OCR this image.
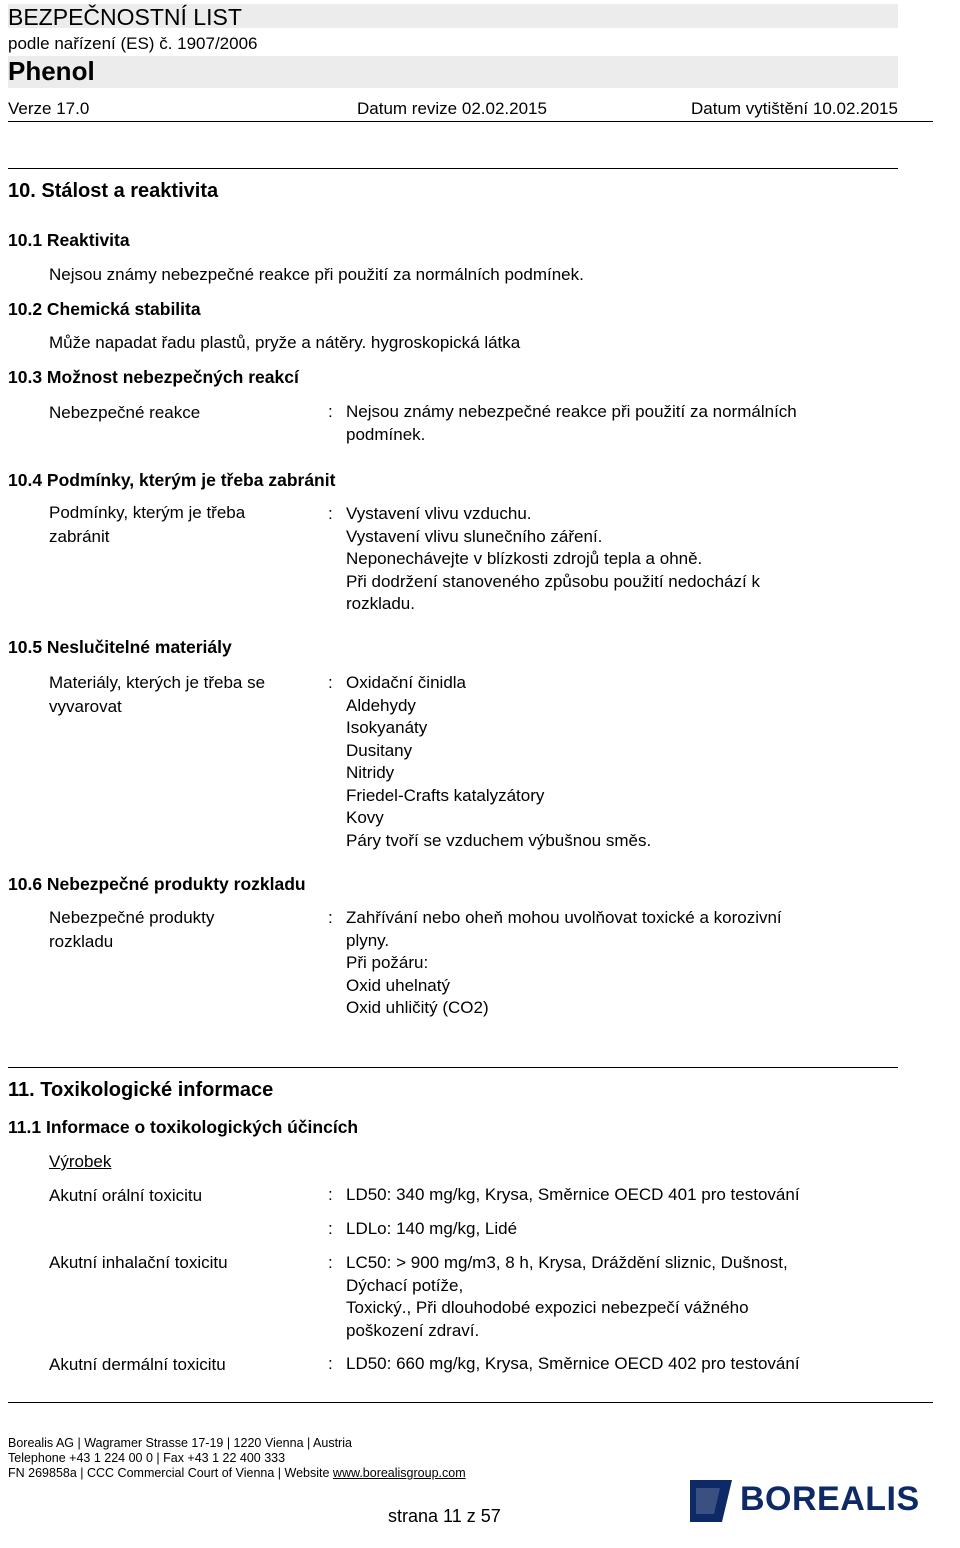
BEZPEČNOSTNÍ LIST
podle nařízení (ES) č. 1907/2006
Phenol
Verze 17.0	Datum revize 02.02.2015	Datum vytištění 10.02.2015
10. Stálost a reaktivita
10.1 Reaktivita
Nejsou známy nebezpečné reakce při použití za normálních podmínek.
10.2 Chemická stabilita
Může napadat řadu plastů, pryže a nátěry. hygroskopická látka
10.3 Možnost nebezpečných reakcí
Nebezpečné reakce	: Nejsou známy nebezpečné reakce při použití za normálních
podmínek.
10.4 Podmínky, kterým je třeba zabránit
Podmínky, kterým je třeba
zabránit
: Vystavení vlivu vzduchu.
Vystavení vlivu slunečního záření.
Neponechávejte v blízkosti zdrojů tepla a ohně.
Při dodržení stanoveného způsobu použití nedochází k
rozkladu.
10.5 Neslučitelné materiály
Materiály, kterých je třeba se
vyvarovat
: Oxidační činidla
Aldehydy
Isokyanáty
Dusitany
Nitridy
Friedel-Crafts katalyzátory
Kovy
Páry tvoří se vzduchem výbušnou směs.
10.6 Nebezpečné produkty rozkladu
Nebezpečné produkty
rozkladu
: Zahřívání nebo oheň mohou uvolňovat toxické a korozivní
plyny.
Při požáru:
Oxid uhelnatý
Oxid uhličitý (CO2)
11. Toxikologické informace
11.1 Informace o toxikologických účincích
Výrobek
Akutní orální toxicitu	: LD50: 340 mg/kg, Krysa, Směrnice OECD 401 pro testování
: LDLo: 140 mg/kg, Lidé
Akutní inhalační toxicitu	: LC50: > 900 mg/m3, 8 h, Krysa, Dráždění sliznic, Dušnost,
Dýchací potíže,
Toxický., Při dlouhodobé expozici nebezpečí vážného
poškození zdraví.
Akutní dermální toxicitu	: LD50: 660 mg/kg, Krysa, Směrnice OECD 402 pro testování
Borealis AG | Wagramer Strasse 17-19 | 1220 Vienna | Austria
Telephone +43 1 224 00 0 | Fax +43 1 22 400 333
FN 269858a | CCC Commercial Court of Vienna | Website www.borealisgroup.com
BOREALIS
strana 11 z 57
